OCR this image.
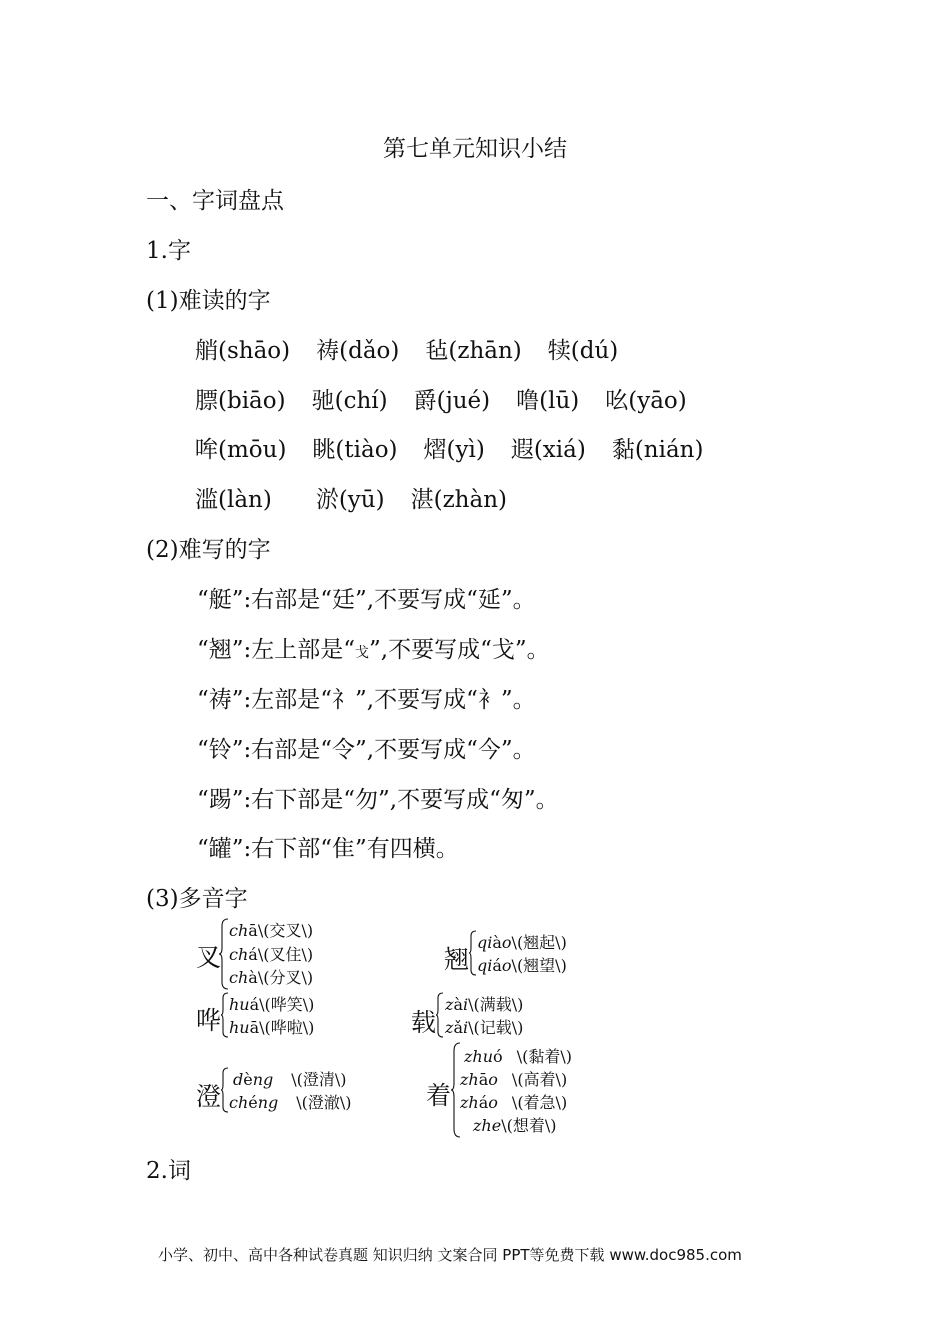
第七单元知识小结
一、字词盘点
1.字
(1)难读的字
艄(shāo) 祷(dǎo) 毡(zhān) 犊(dú)
膘(biāo) 驰(chí) 爵(jué) 噜(lū) 吆(yāo)
哞(mōu) 眺(tiào) 熠(yì) 遐(xiá) 黏(nián)
滥(làn) 淤(yū) 湛(zhàn)
(2)难写的字
“艇”:右部是“廷”,不要写成“延”。
“翘”:左上部是“戈”,不要写成“戈”。
“祷”:左部是“礻”,不要写成“衤”。
“铃”:右部是“令”,不要写成“今”。
“踢”:右下部是“勿”,不要写成“匆”。
“罐”:右下部“隹”有四横。
(3)多音字
叉
chā\(交叉\)
chá\(叉住\)
chà\(分叉\)
翘
qiào\(翘起\)
qiáo\(翘望\)
哗
huá\(哗笑\)
huā\(哗啦\)	载
zài\(满载\)
zǎi\(记载\)
澄
dèng \(澄清\)
chéng \(澄澈\)	着
zhuó \(黏着\)
zhāo \(高着\)
zháo \(着急\)
zhe\(想着\)
2.词
小学、初中、高中各种试卷真题 知识归纳 文案合同 PPT等免费下载 www.doc985.com
